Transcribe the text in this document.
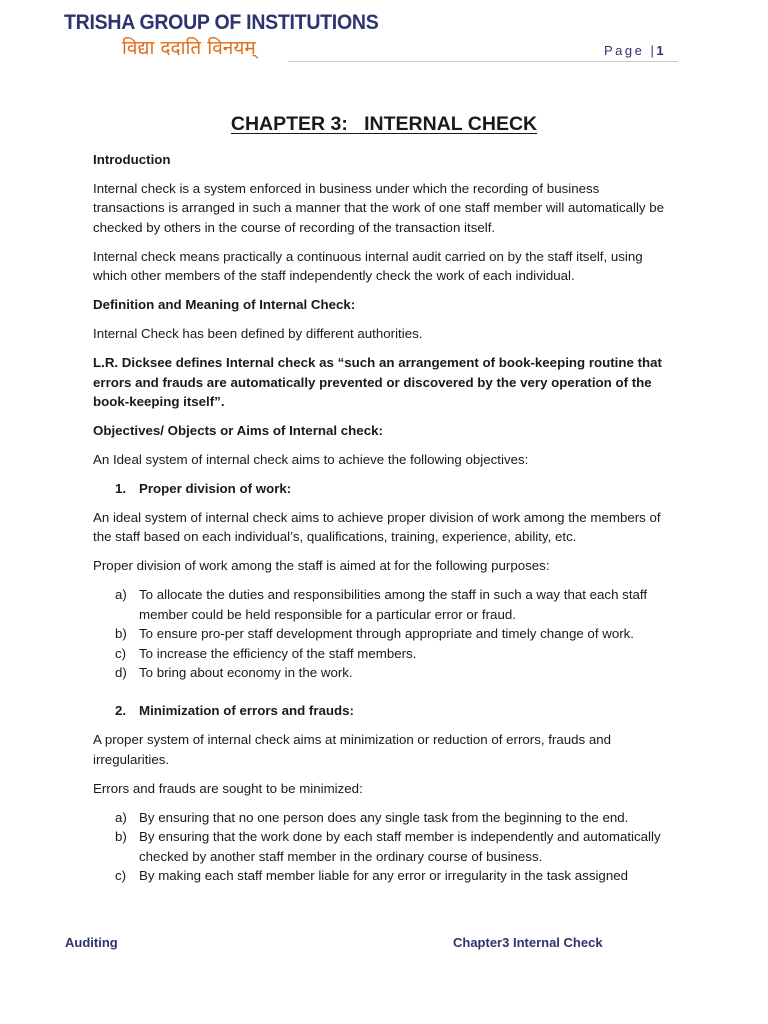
TRISHA GROUP OF INSTITUTIONS
विद्या ददाति विनयम्	Page |1
CHAPTER 3:   INTERNAL CHECK

Introduction

Internal check is a system enforced in business under which the recording of business transactions is arranged in such a manner that the work of one staff member will automatically be checked by others in the course of recording of the transaction itself.

Internal check means practically a continuous internal audit carried on by the staff itself, using which other members of the staff independently check the work of each individual.

Definition and Meaning of Internal Check:

Internal Check has been defined by different authorities.

L.R. Dicksee defines Internal check as “such an arrangement of book-keeping routine that errors and frauds are automatically prevented or discovered by the very operation of the book-keeping itself”.

Objectives/ Objects or Aims of Internal check:

An Ideal system of internal check aims to achieve the following objectives:

1. Proper division of work:

An ideal system of internal check aims to achieve proper division of work among the members of the staff based on each individual’s, qualifications, training, experience, ability, etc.

Proper division of work among the staff is aimed at for the following purposes:

a) To allocate the duties and responsibilities among the staff in such a way that each staff member could be held responsible for a particular error or fraud.
b) To ensure pro-per staff development through appropriate and timely change of work.
c) To increase the efficiency of the staff members.
d) To bring about economy in the work.
2. Minimization of errors and frauds:

A proper system of internal check aims at minimization or reduction of errors, frauds and irregularities.

Errors and frauds are sought to be minimized:

a) By ensuring that no one person does any single task from the beginning to the end.
b) By ensuring that the work done by each staff member is independently and automatically checked by another staff member in the ordinary course of business.
c) By making each staff member liable for any error or irregularity in the task assigned
Auditing	Chapter3 Internal Check
